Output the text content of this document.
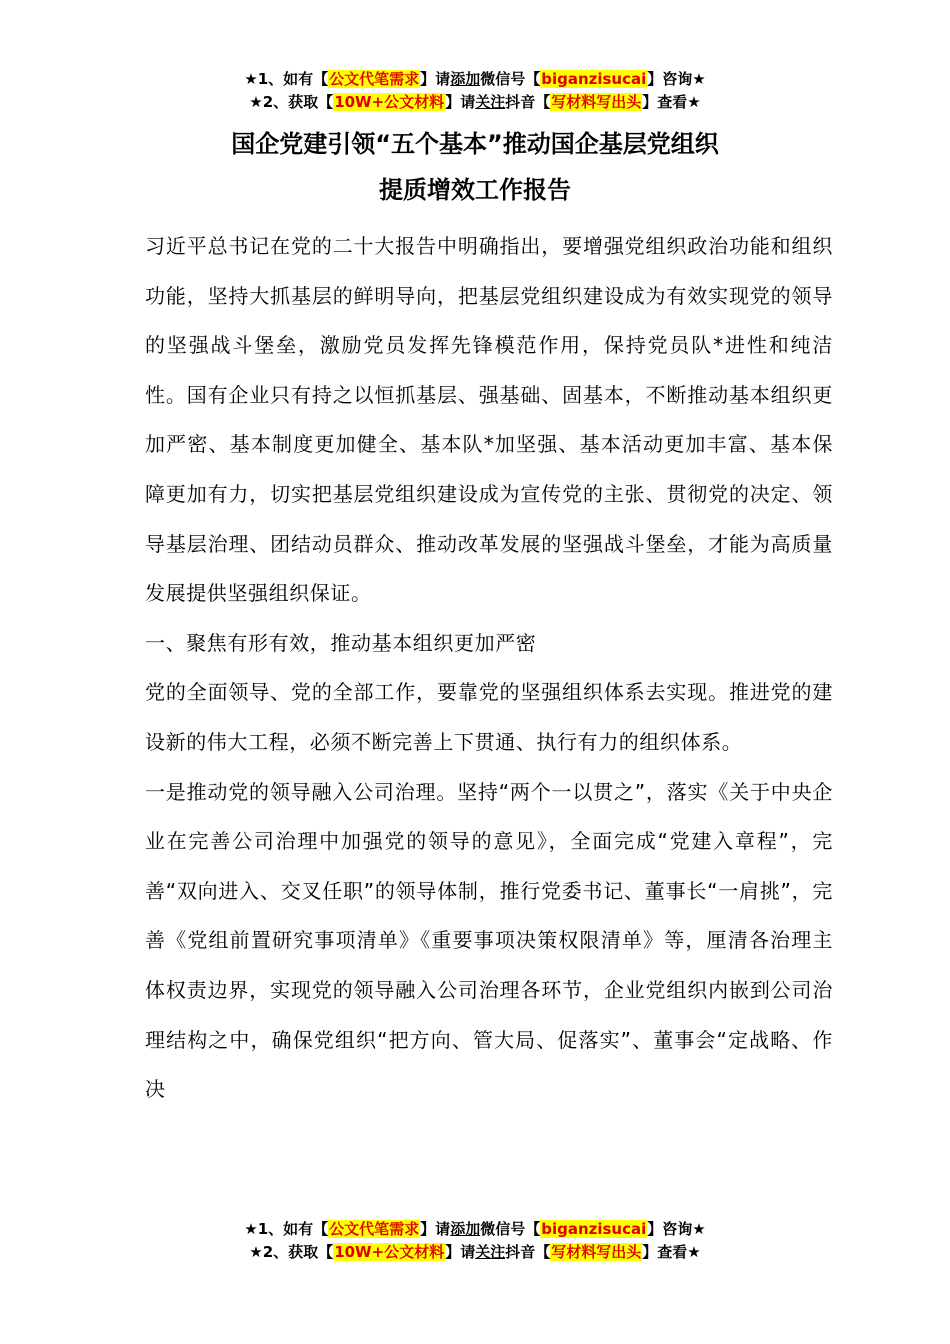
★1、如有【公文代笔需求】请添加微信号【biganzisucai】咨询★
★2、获取【10W+公文材料】请关注抖音【写材料写出头】查看★
国企党建引领“五个基本”推动国企基层党组织
提质增效工作报告

习近平总书记在党的二十大报告中明确指出，要增强党组织政治功能和组织功能，坚持大抓基层的鲜明导向，把基层党组织建设成为有效实现党的领导的坚强战斗堡垒，激励党员发挥先锋模范作用，保持党员队*进性和纯洁性。国有企业只有持之以恒抓基层、强基础、固基本，不断推动基本组织更加严密、基本制度更加健全、基本队*加坚强、基本活动更加丰富、基本保障更加有力，切实把基层党组织建设成为宣传党的主张、贯彻党的决定、领导基层治理、团结动员群众、推动改革发展的坚强战斗堡垒，才能为高质量发展提供坚强组织保证。

一、聚焦有形有效，推动基本组织更加严密

党的全面领导、党的全部工作，要靠党的坚强组织体系去实现。推进党的建设新的伟大工程，必须不断完善上下贯通、执行有力的组织体系。

一是推动党的领导融入公司治理。坚持“两个一以贯之”，落实《关于中央企业在完善公司治理中加强党的领导的意见》，全面完成“党建入章程”，完善“双向进入、交叉任职”的领导体制，推行党委书记、董事长“一肩挑”，完善《党组前置研究事项清单》《重要事项决策权限清单》等，厘清各治理主体权责边界，实现党的领导融入公司治理各环节，企业党组织内嵌到公司治理结构之中，确保党组织“把方向、管大局、促落实”、董事会“定战略、作决

★1、如有【公文代笔需求】请添加微信号【biganzisucai】咨询★
★2、获取【10W+公文材料】请关注抖音【写材料写出头】查看★
